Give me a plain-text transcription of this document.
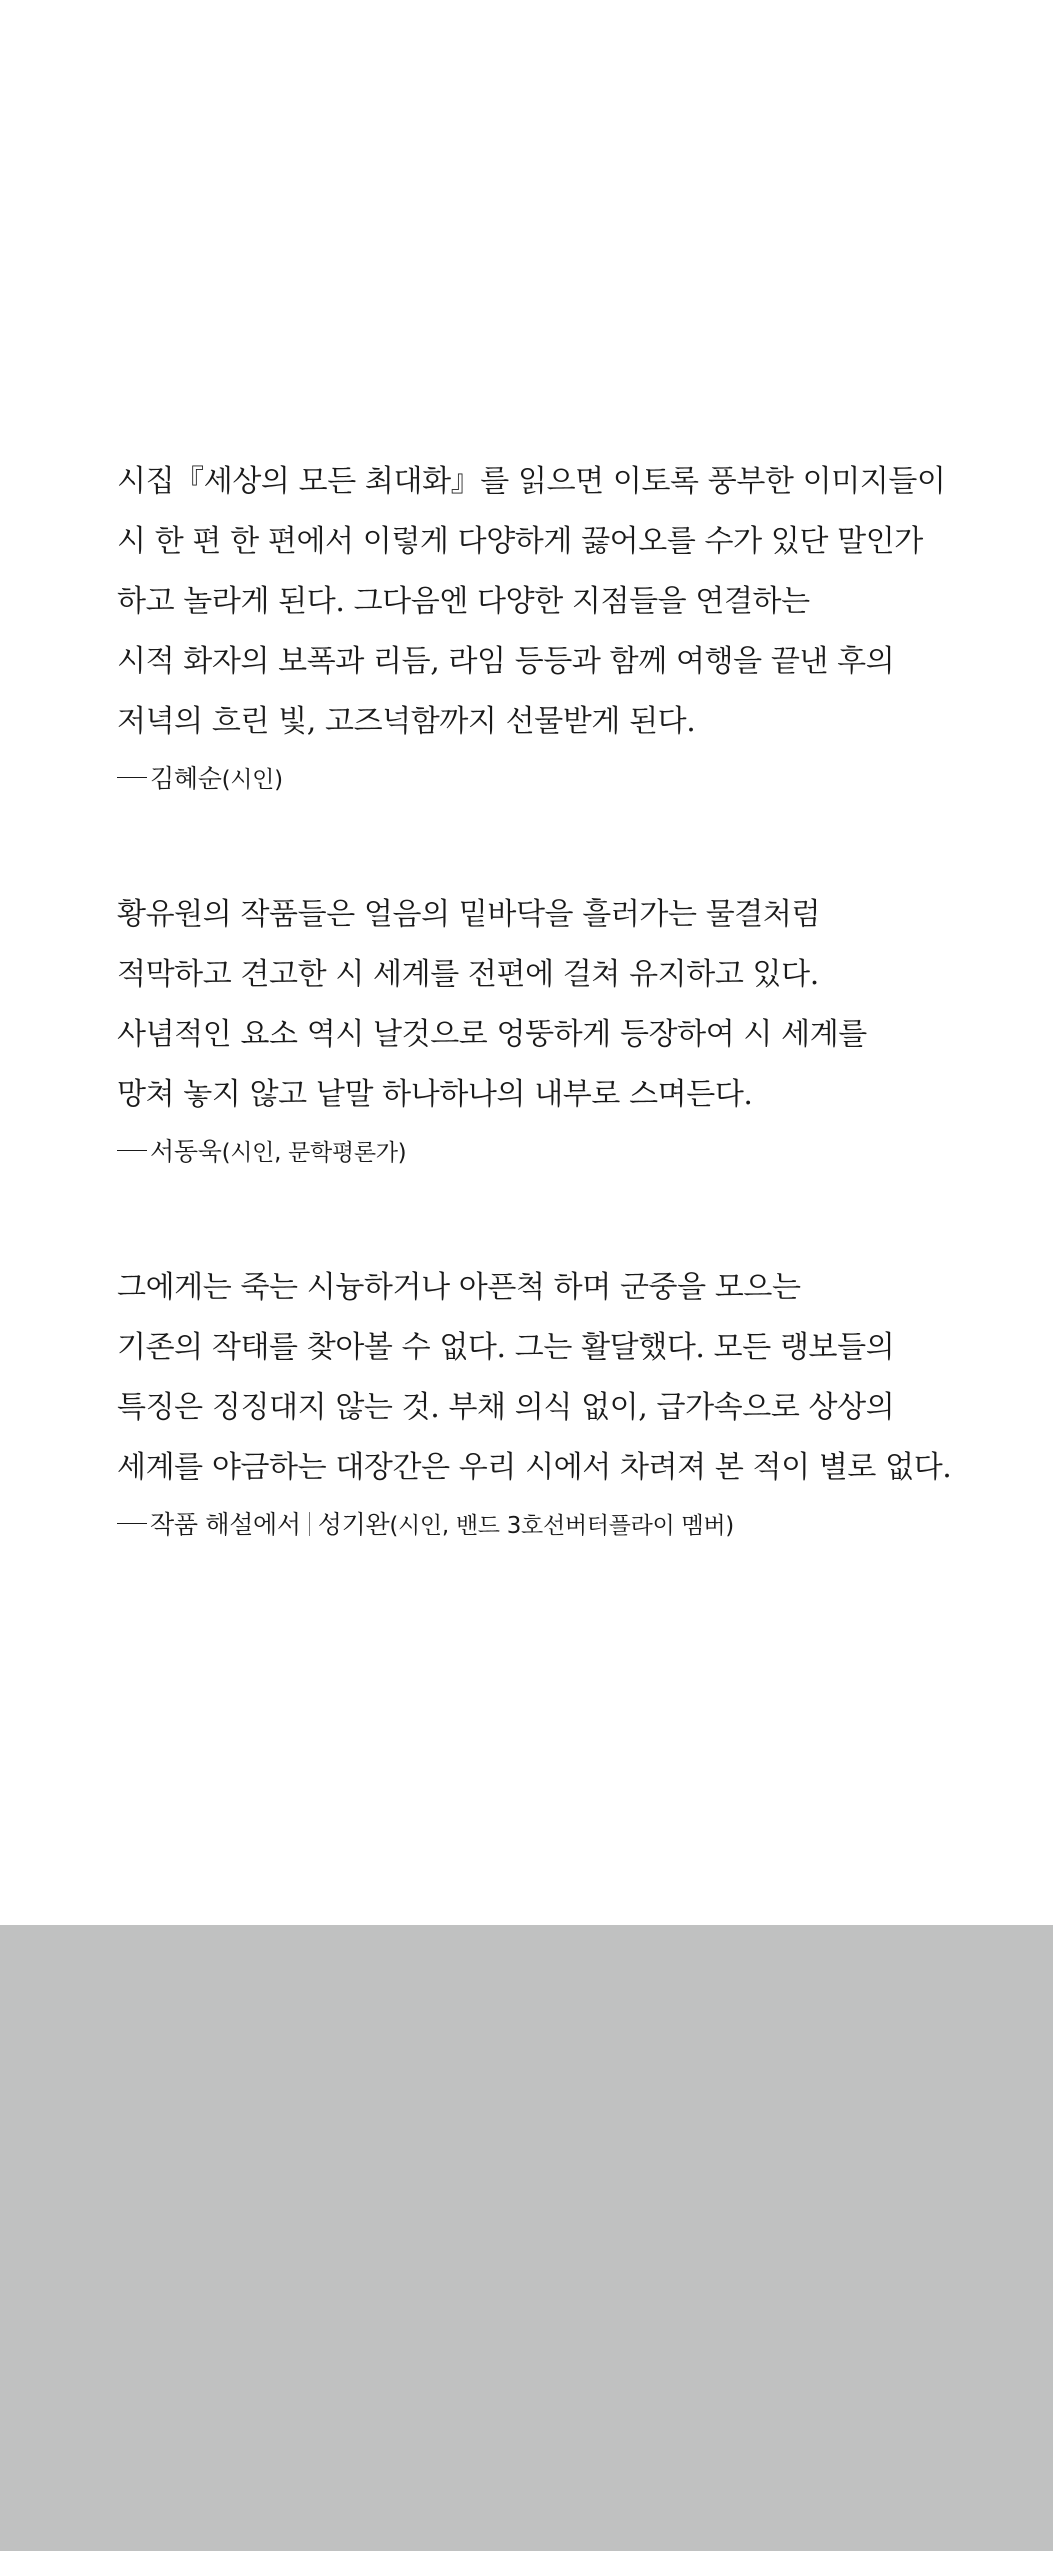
시집『세상의 모든 최대화』를 읽으면 이토록 풍부한 이미지들이
시 한 편 한 편에서 이렇게 다양하게 끓어오를 수가 있단 말인가
하고 놀라게 된다. 그다음엔 다양한 지점들을 연결하는
시적 화자의 보폭과 리듬, 라임 등등과 함께 여행을 끝낸 후의
저녁의 흐린 빛, 고즈넉함까지 선물받게 된다.
김혜순(시인)
황유원의 작품들은 얼음의 밑바닥을 흘러가는 물결처럼
적막하고 견고한 시 세계를 전편에 걸쳐 유지하고 있다.
사념적인 요소 역시 날것으로 엉뚱하게 등장하여 시 세계를
망쳐 놓지 않고 낱말 하나하나의 내부로 스며든다.
서동욱(시인, 문학평론가)
그에게는 죽는 시늉하거나 아픈척 하며 군중을 모으는
기존의 작태를 찾아볼 수 없다. 그는 활달했다. 모든 랭보들의
특징은 징징대지 않는 것. 부채 의식 없이, 급가속으로 상상의
세계를 야금하는 대장간은 우리 시에서 차려져 본 적이 별로 없다.
작품 해설에서 성기완(시인, 밴드 3호선버터플라이 멤버)
